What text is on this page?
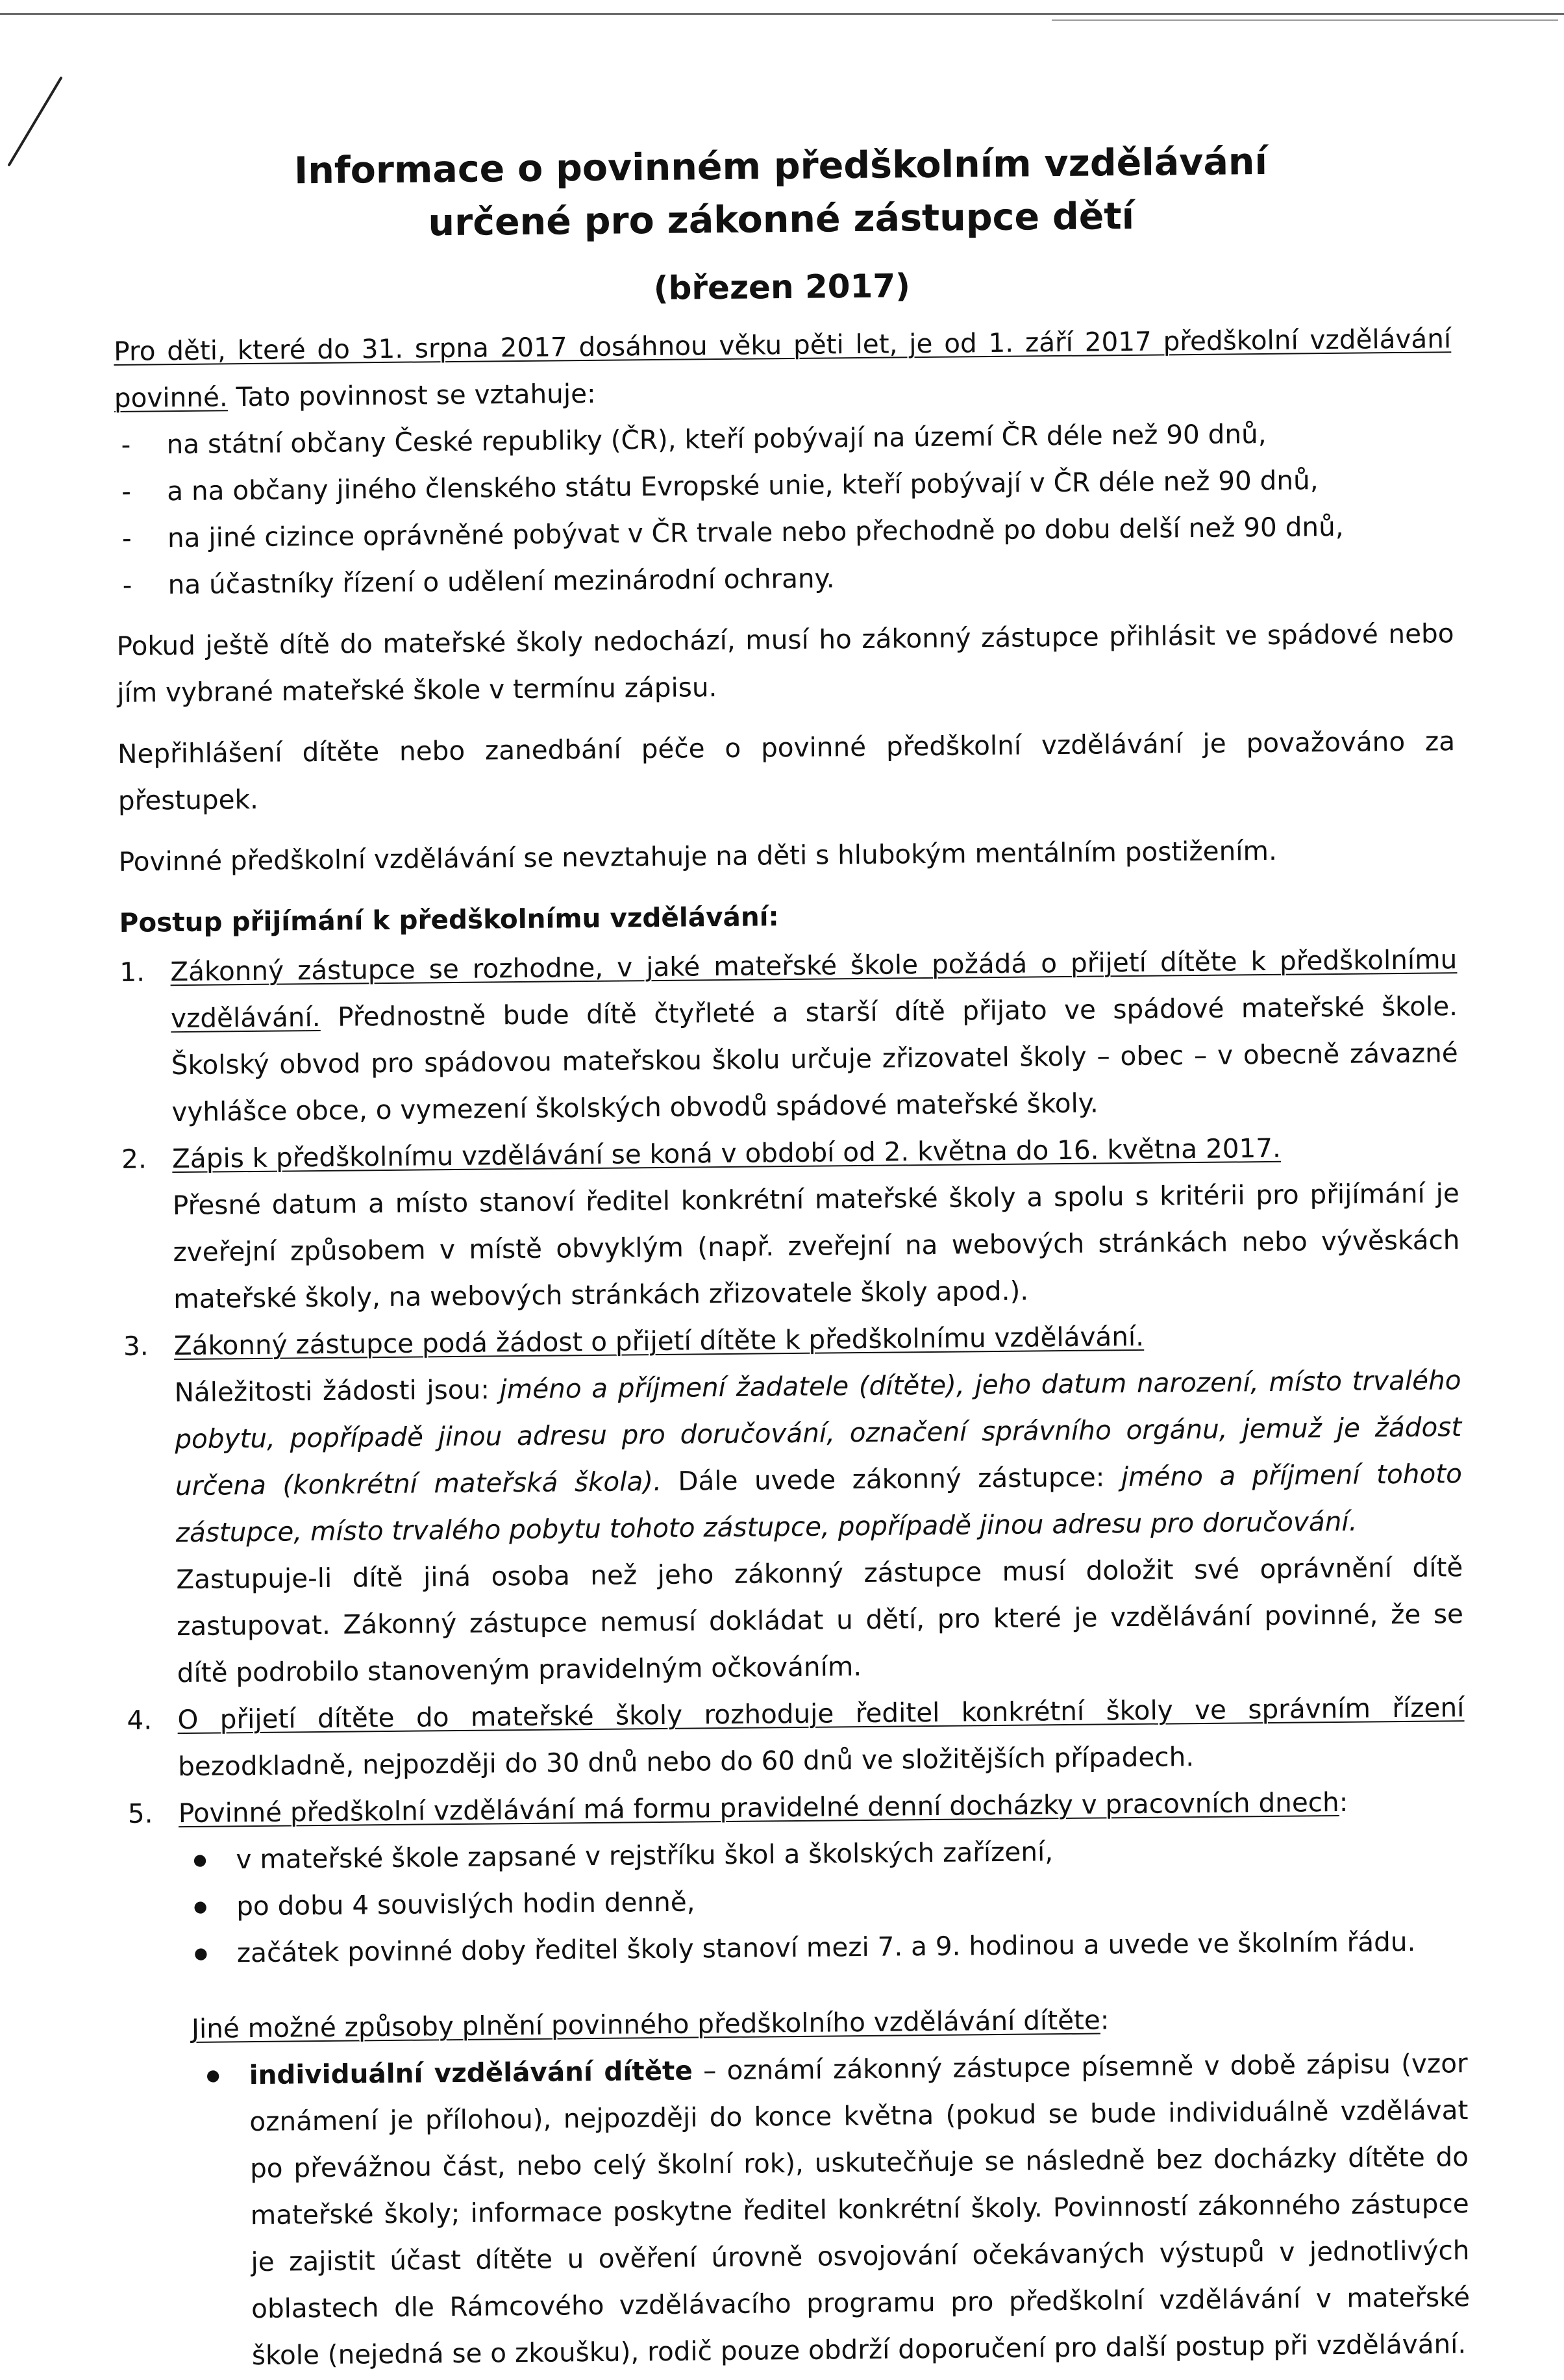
Informace o povinném předškolním vzdělávání
určené pro zákonné zástupce dětí
(březen 2017)

Pro děti, které do 31. srpna 2017 dosáhnou věku pěti let, je od 1. září 2017 předškolní vzdělávání povinné. Tato povinnost se vztahuje:

- na státní občany České republiky (ČR), kteří pobývají na území ČR déle než 90 dnů,
- a na občany jiného členského státu Evropské unie, kteří pobývají v ČR déle než 90 dnů,
- na jiné cizince oprávněné pobývat v ČR trvale nebo přechodně po dobu delší než 90 dnů,
- na účastníky řízení o udělení mezinárodní ochrany.

Pokud ještě dítě do mateřské školy nedochází, musí ho zákonný zástupce přihlásit ve spádové nebo jím vybrané mateřské škole v termínu zápisu.

Nepřihlášení dítěte nebo zanedbání péče o povinné předškolní vzdělávání je považováno za přestupek.

Povinné předškolní vzdělávání se nevztahuje na děti s hlubokým mentálním postižením.

Postup přijímání k předškolnímu vzdělávání:

1. Zákonný zástupce se rozhodne, v jaké mateřské škole požádá o přijetí dítěte k předškolnímu vzdělávání. Přednostně bude dítě čtyřleté a starší dítě přijato ve spádové mateřské škole. Školský obvod pro spádovou mateřskou školu určuje zřizovatel školy – obec – v obecně závazné vyhlášce obce, o vymezení školských obvodů spádové mateřské školy.
2. Zápis k předškolnímu vzdělávání se koná v období od 2. května do 16. května 2017.
Přesné datum a místo stanoví ředitel konkrétní mateřské školy a spolu s kritérii pro přijímání je zveřejní způsobem v místě obvyklým (např. zveřejní na webových stránkách nebo vývěskách mateřské školy, na webových stránkách zřizovatele školy apod.).
3. Zákonný zástupce podá žádost o přijetí dítěte k předškolnímu vzdělávání.
Náležitosti žádosti jsou: jméno a příjmení žadatele (dítěte), jeho datum narození, místo trvalého pobytu, popřípadě jinou adresu pro doručování, označení správního orgánu, jemuž je žádost určena (konkrétní mateřská škola). Dále uvede zákonný zástupce: jméno a příjmení tohoto zástupce, místo trvalého pobytu tohoto zástupce, popřípadě jinou adresu pro doručování.
Zastupuje-li dítě jiná osoba než jeho zákonný zástupce musí doložit své oprávnění dítě zastupovat. Zákonný zástupce nemusí dokládat u dětí, pro které je vzdělávání povinné, že se dítě podrobilo stanoveným pravidelným očkováním.
4. O přijetí dítěte do mateřské školy rozhoduje ředitel konkrétní školy ve správním řízení bezodkladně, nejpozději do 30 dnů nebo do 60 dnů ve složitějších případech.
5. Povinné předškolní vzdělávání má formu pravidelné denní docházky v pracovních dnech:
● v mateřské škole zapsané v rejstříku škol a školských zařízení,
● po dobu 4 souvislých hodin denně,
● začátek povinné doby ředitel školy stanoví mezi 7. a 9. hodinou a uvede ve školním řádu.

Jiné možné způsoby plnění povinného předškolního vzdělávání dítěte:

● individuální vzdělávání dítěte – oznámí zákonný zástupce písemně v době zápisu (vzor oznámení je přílohou), nejpozději do konce května (pokud se bude individuálně vzdělávat po převážnou část, nebo celý školní rok), uskutečňuje se následně bez docházky dítěte do mateřské školy; informace poskytne ředitel konkrétní školy. Povinností zákonného zástupce je zajistit účast dítěte u ověření úrovně osvojování očekávaných výstupů v jednotlivých oblastech dle Rámcového vzdělávacího programu pro předškolní vzdělávání v mateřské škole (nejedná se o zkoušku), rodič pouze obdrží doporučení pro další postup při vzdělávání.
